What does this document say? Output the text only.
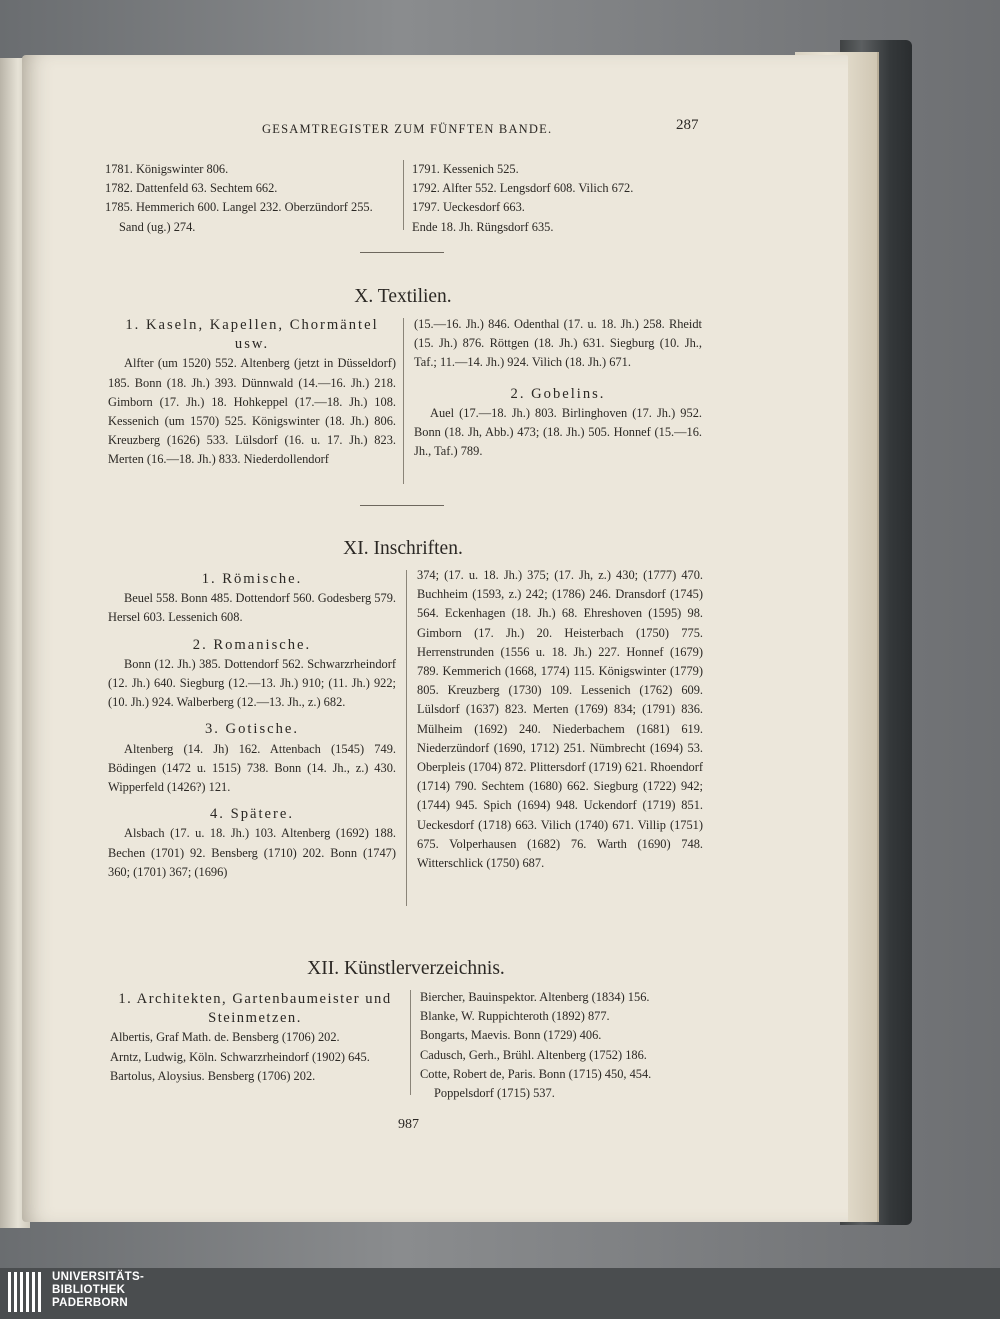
GESAMTREGISTER ZUM FÜNFTEN BANDE.	287

1781. Königswinter 806.

1782. Dattenfeld 63. Sechtem 662.

1785. Hemmerich 600. Langel 232. Oberzündorf 255. Sand (ug.) 274.

1791. Kessenich 525.

1792. Alfter 552. Lengsdorf 608. Vilich 672.

1797. Ueckesdorf 663.

Ende 18. Jh. Rüngsdorf 635.

X. Textilien.

1. Kaseln, Kapellen, Chormäntel usw.

Alfter (um 1520) 552. Altenberg (jetzt in Düsseldorf) 185. Bonn (18. Jh.) 393. Dünnwald (14.—16. Jh.) 218. Gimborn (17. Jh.) 18. Hohkeppel (17.—18. Jh.) 108. Kessenich (um 1570) 525. Königswinter (18. Jh.) 806. Kreuzberg (1626) 533. Lülsdorf (16. u. 17. Jh.) 823. Merten (16.—18. Jh.) 833. Niederdollendorf

(15.—16. Jh.) 846. Odenthal (17. u. 18. Jh.) 258. Rheidt (15. Jh.) 876. Röttgen (18. Jh.) 631. Siegburg (10. Jh., Taf.; 11.—14. Jh.) 924. Vilich (18. Jh.) 671.

2. Gobelins.

Auel (17.—18. Jh.) 803. Birlinghoven (17. Jh.) 952. Bonn (18. Jh, Abb.) 473; (18. Jh.) 505. Honnef (15.—16. Jh., Taf.) 789.

XI. Inschriften.

1. Römische.

Beuel 558. Bonn 485. Dottendorf 560. Godesberg 579. Hersel 603. Lessenich 608.

2. Romanische.

Bonn (12. Jh.) 385. Dottendorf 562. Schwarzrheindorf (12. Jh.) 640. Siegburg (12.—13. Jh.) 910; (11. Jh.) 922; (10. Jh.) 924. Walberberg (12.—13. Jh., z.) 682.

3. Gotische.

Altenberg (14. Jh) 162. Attenbach (1545) 749. Bödingen (1472 u. 1515) 738. Bonn (14. Jh., z.) 430. Wipperfeld (1426?) 121.

4. Spätere.

Alsbach (17. u. 18. Jh.) 103. Altenberg (1692) 188. Bechen (1701) 92. Bensberg (1710) 202. Bonn (1747) 360; (1701) 367; (1696)

374; (17. u. 18. Jh.) 375; (17. Jh, z.) 430; (1777) 470. Buchheim (1593, z.) 242; (1786) 246. Dransdorf (1745) 564. Eckenhagen (18. Jh.) 68. Ehreshoven (1595) 98. Gimborn (17. Jh.) 20. Heisterbach (1750) 775. Herrenstrunden (1556 u. 18. Jh.) 227. Honnef (1679) 789. Kemmerich (1668, 1774) 115. Königswinter (1779) 805. Kreuzberg (1730) 109. Lessenich (1762) 609. Lülsdorf (1637) 823. Merten (1769) 834; (1791) 836. Mülheim (1692) 240. Niederbachem (1681) 619. Niederzündorf (1690, 1712) 251. Nümbrecht (1694) 53. Oberpleis (1704) 872. Plittersdorf (1719) 621. Rhoendorf (1714) 790. Sechtem (1680) 662. Siegburg (1722) 942; (1744) 945. Spich (1694) 948. Uckendorf (1719) 851. Ueckesdorf (1718) 663. Vilich (1740) 671. Villip (1751) 675. Volperhausen (1682) 76. Warth (1690) 748. Witterschlick (1750) 687.

XII. Künstlerverzeichnis.

1. Architekten, Gartenbaumeister und Steinmetzen.

Albertis, Graf Math. de. Bensberg (1706) 202.

Arntz, Ludwig, Köln. Schwarzrheindorf (1902) 645.

Bartolus, Aloysius. Bensberg (1706) 202.

Biercher, Bauinspektor. Altenberg (1834) 156.

Blanke, W. Ruppichteroth (1892) 877.

Bongarts, Maevis. Bonn (1729) 406.

Cadusch, Gerh., Brühl. Altenberg (1752) 186.

Cotte, Robert de, Paris. Bonn (1715) 450, 454. Poppelsdorf (1715) 537.

987
UNIVERSITÄTS-
BIBLIOTHEK
PADERBORN
